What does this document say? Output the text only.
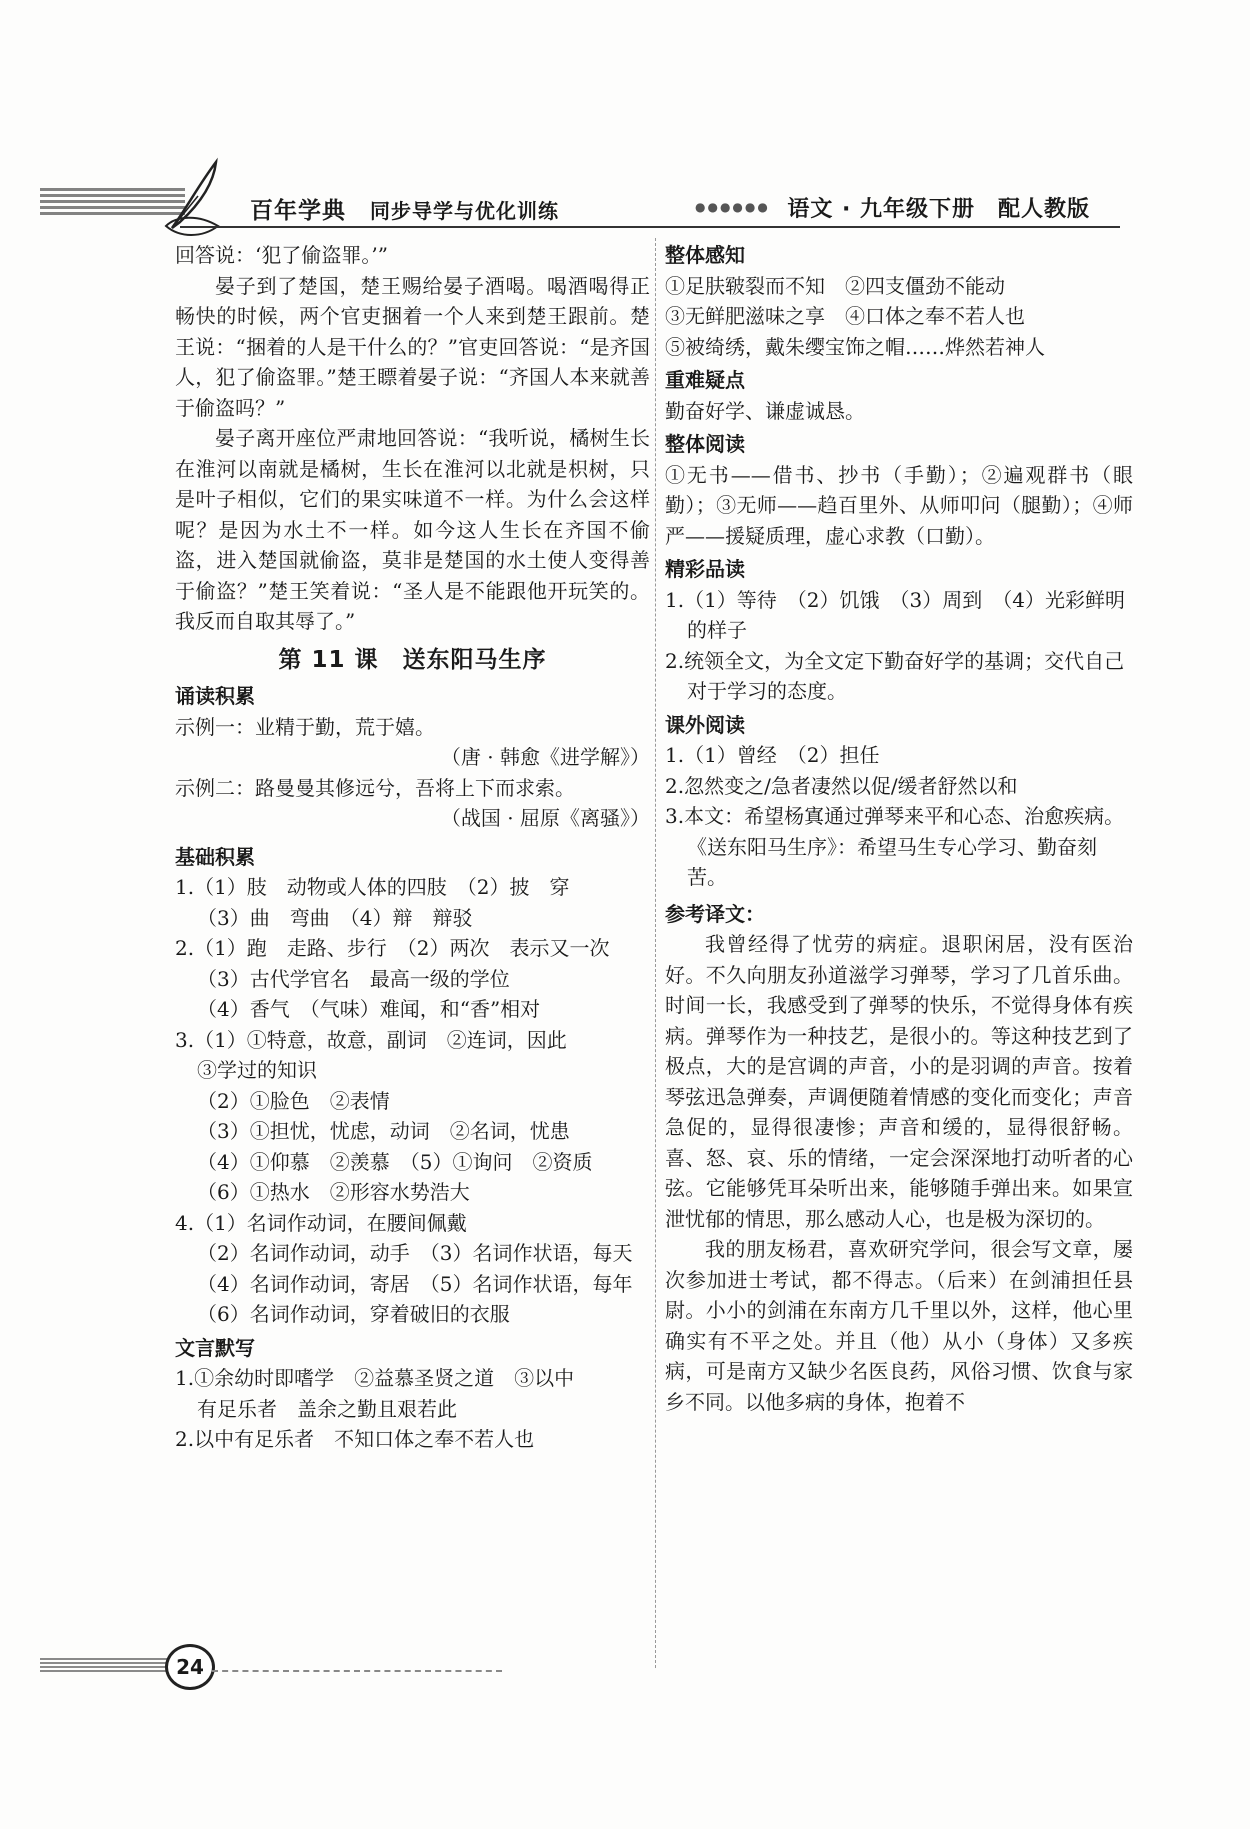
百年学典 同步导学与优化训练	●●●●●● 语文 · 九年级下册　配人教版

回答说：‘犯了偷盗罪。’”

晏子到了楚国，楚王赐给晏子酒喝。喝酒喝得正畅快的时候，两个官吏捆着一个人来到楚王跟前。楚王说：“捆着的人是干什么的？”官吏回答说：“是齐国人，犯了偷盗罪。”楚王瞟着晏子说：“齐国人本来就善于偷盗吗？”

晏子离开座位严肃地回答说：“我听说，橘树生长在淮河以南就是橘树，生长在淮河以北就是枳树，只是叶子相似，它们的果实味道不一样。为什么会这样呢？是因为水土不一样。如今这人生长在齐国不偷盗，进入楚国就偷盗，莫非是楚国的水土使人变得善于偷盗？”楚王笑着说：“圣人是不能跟他开玩笑的。我反而自取其辱了。”

第 11 课　送东阳马生序

诵读积累

示例一：业精于勤，荒于嬉。

（唐 · 韩愈《进学解》）

示例二：路曼曼其修远兮，吾将上下而求索。

（战国 · 屈原《离骚》）

基础积累

1.（1）肢　动物或人体的四肢　（2）披　穿

（3）曲　弯曲　（4）辩　辩驳

2.（1）跑　走路、步行　（2）两次　表示又一次

（3）古代学官名　最高一级的学位

（4）香气　（气味）难闻，和“香”相对

3.（1）①特意，故意，副词　②连词，因此

③学过的知识

（2）①脸色　②表情

（3）①担忧，忧虑，动词　②名词，忧患

（4）①仰慕　②羡慕　（5）①询问　②资质

（6）①热水　②形容水势浩大

4.（1）名词作动词，在腰间佩戴

（2）名词作动词，动手　（3）名词作状语，每天

（4）名词作动词，寄居　（5）名词作状语，每年

（6）名词作动词，穿着破旧的衣服

文言默写

1.①余幼时即嗜学　②益慕圣贤之道　③以中

有足乐者　盖余之勤且艰若此

2.以中有足乐者　不知口体之奉不若人也

整体感知

①足肤皲裂而不知　②四支僵劲不能动

③无鲜肥滋味之享　④口体之奉不若人也

⑤被绮绣，戴朱缨宝饰之帽……烨然若神人

重难疑点

勤奋好学、谦虚诚恳。

整体阅读

①无书——借书、抄书（手勤）；②遍观群书（眼勤）；③无师——趋百里外、从师叩问（腿勤）；④师严——援疑质理，虚心求教（口勤）。

精彩品读

1.（1）等待　（2）饥饿　（3）周到　（4）光彩鲜明的样子

2.统领全文，为全文定下勤奋好学的基调；交代自己对于学习的态度。

课外阅读

1.（1）曾经　（2）担任

2.忽然变之/急者凄然以促/缓者舒然以和

3.本文：希望杨寘通过弹琴来平和心态、治愈疾病。《送东阳马生序》：希望马生专心学习、勤奋刻苦。

参考译文：

我曾经得了忧劳的病症。退职闲居，没有医治好。不久向朋友孙道滋学习弹琴，学习了几首乐曲。时间一长，我感受到了弹琴的快乐，不觉得身体有疾病。弹琴作为一种技艺，是很小的。等这种技艺到了极点，大的是宫调的声音，小的是羽调的声音。按着琴弦迅急弹奏，声调便随着情感的变化而变化；声音急促的，显得很凄惨；声音和缓的，显得很舒畅。喜、怒、哀、乐的情绪，一定会深深地打动听者的心弦。它能够凭耳朵听出来，能够随手弹出来。如果宣泄忧郁的情思，那么感动人心，也是极为深切的。

我的朋友杨君，喜欢研究学问，很会写文章，屡次参加进士考试，都不得志。（后来）在剑浦担任县尉。小小的剑浦在东南方几千里以外，这样，他心里确实有不平之处。并且（他）从小（身体）又多疾病，可是南方又缺少名医良药，风俗习惯、饮食与家乡不同。以他多病的身体，抱着不

24
